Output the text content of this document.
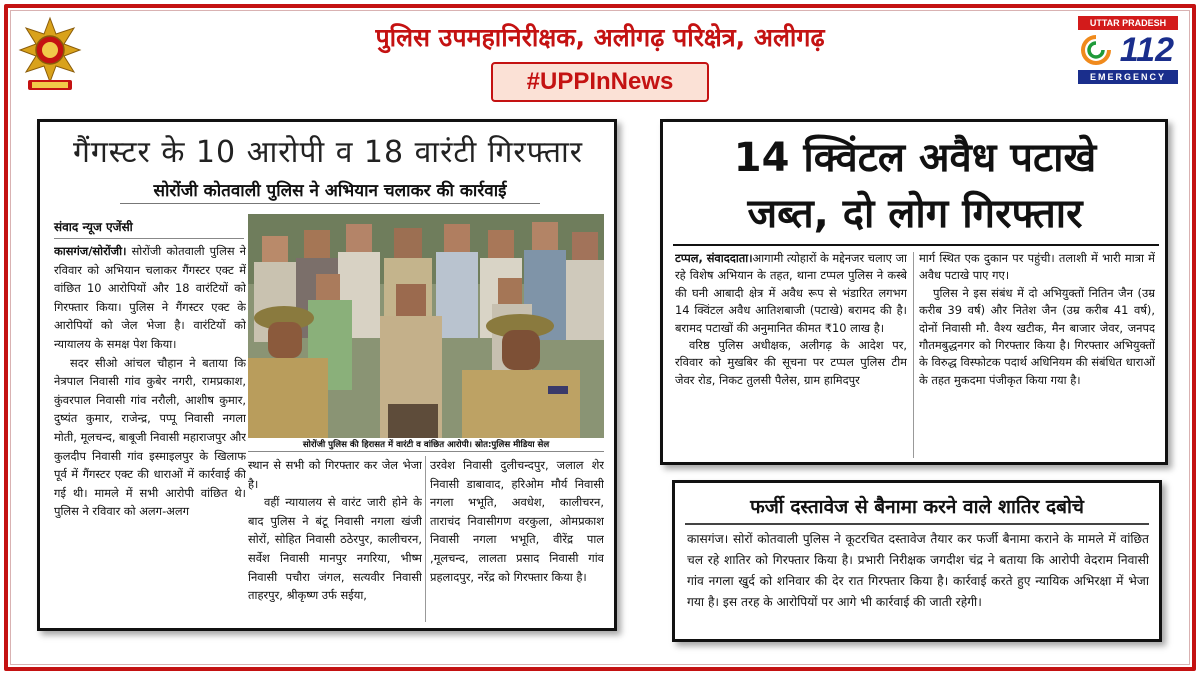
पुलिस उपमहानिरीक्षक, अलीगढ़ परिक्षेत्र, अलीगढ़
#UPPInNews
UTTAR PRADESH
112
EMERGENCY
गैंगस्टर के 10 आरोपी व 18 वारंटी गिरफ्तार
सोरोंजी कोतवाली पुलिस ने अभियान चलाकर की कार्रवाई
संवाद न्यूज एजेंसी

कासगंज/सोरोंजी। सोरोंजी कोतवाली पुलिस ने रविवार को अभियान चलाकर गैंगस्टर एक्ट में वांछित 10 आरोपियों और 18 वारंटियों को गिरफ्तार किया। पुलिस ने गैंगस्टर एक्ट के आरोपियों को जेल भेजा है। वारंटियों को न्यायालय के समक्ष पेश किया।

सदर सीओ आंचल चौहान ने बताया कि नेत्रपाल निवासी गांव कुबेर नगरी, रामप्रकाश, कुंवरपाल निवासी गांव नरौली, आशीष कुमार, दुष्यंत कुमार, राजेन्द्र, पप्पू निवासी नगला मोती, मूलचन्द, बाबूजी निवासी महाराजपुर और कुलदीप निवासी गांव इस्माइलपुर के खिलाफ पूर्व में गैंगस्टर एक्ट की धाराओं में कार्रवाई की गई थी। मामले में सभी आरोपी वांछित थे। पुलिस ने रविवार को अलग-अलग

सोरोंजी पुलिस की हिरासत में वारंटी व वांछित आरोपी। स्रोत:पुलिस मीडिया सेल

स्थान से सभी को गिरफ्तार कर जेल भेजा है।

वहीं न्यायालय से वारंट जारी होने के बाद पुलिस ने बंटू निवासी नगला खंजी सोरों, सोहित निवासी ठठेरपुर, कालीचरन, सर्वेश निवासी मानपुर नगरिया, भीष्म निवासी पचौरा जंगल, सत्यवीर निवासी ताहरपुर, श्रीकृष्ण उर्फ सईया,

उरवेश निवासी दुलीचन्दपुर, जलाल शेर निवासी डाबावाद, हरिओम मौर्य निवासी नगला भभूति, अवधेश, कालीचरन, ताराचंद निवासीगण वरकुला, ओमप्रकाश निवासी नगला भभूति, वीरेंद्र पाल ,मूलचन्द, लालता प्रसाद निवासी गांव प्रहलादपुर, नरेंद्र को गिरफ्तार किया है।
14 क्विंटल अवैध पटाखे
जब्त, दो लोग गिरफ्तार

टप्पल, संवाददाता।आगामी त्योहारों के मद्देनजर चलाए जा रहे विशेष अभियान के तहत, थाना टप्पल पुलिस ने कस्बे की घनी आबादी क्षेत्र में अवैध रूप से भंडारित लगभग 14 क्विंटल अवैध आतिशबाजी (पटाखे) बरामद की है। बरामद पटाखों की अनुमानित कीमत ₹10 लाख है।

वरिष्ठ पुलिस अधीक्षक, अलीगढ़ के आदेश पर, रविवार को मुखबिर की सूचना पर टप्पल पुलिस टीम जेवर रोड, निकट तुलसी पैलेस, ग्राम हामिदपुर

मार्ग स्थित एक दुकान पर पहुंची। तलाशी में भारी मात्रा में अवैध पटाखे पाए गए।

पुलिस ने इस संबंध में दो अभियुक्तों नितिन जैन (उम्र करीब 39 वर्ष) और नितेश जैन (उम्र करीब 41 वर्ष), दोनों निवासी मौ. वैश्य खटीक, मैन बाजार जेवर, जनपद गौतमबुद्धनगर को गिरफ्तार किया है। गिरफ्तार अभियुक्तों के विरुद्ध विस्फोटक पदार्थ अधिनियम की संबंधित धाराओं के तहत मुकदमा पंजीकृत किया गया है।

फर्जी दस्तावेज से बैनामा करने वाले शातिर दबोचे
कासगंज। सोरों कोतवाली पुलिस ने कूटरचित दस्तावेज तैयार कर फर्जी बैनामा कराने के मामले में वांछित चल रहे शातिर को गिरफ्तार किया है। प्रभारी निरीक्षक जगदीश चंद्र ने बताया कि आरोपी वेदराम निवासी गांव नगला खुर्द को शनिवार की देर रात गिरफ्तार किया है। कार्रवाई करते हुए न्यायिक अभिरक्षा में भेजा गया है। इस तरह के आरोपियों पर आगे भी कार्रवाई की जाती रहेगी।
